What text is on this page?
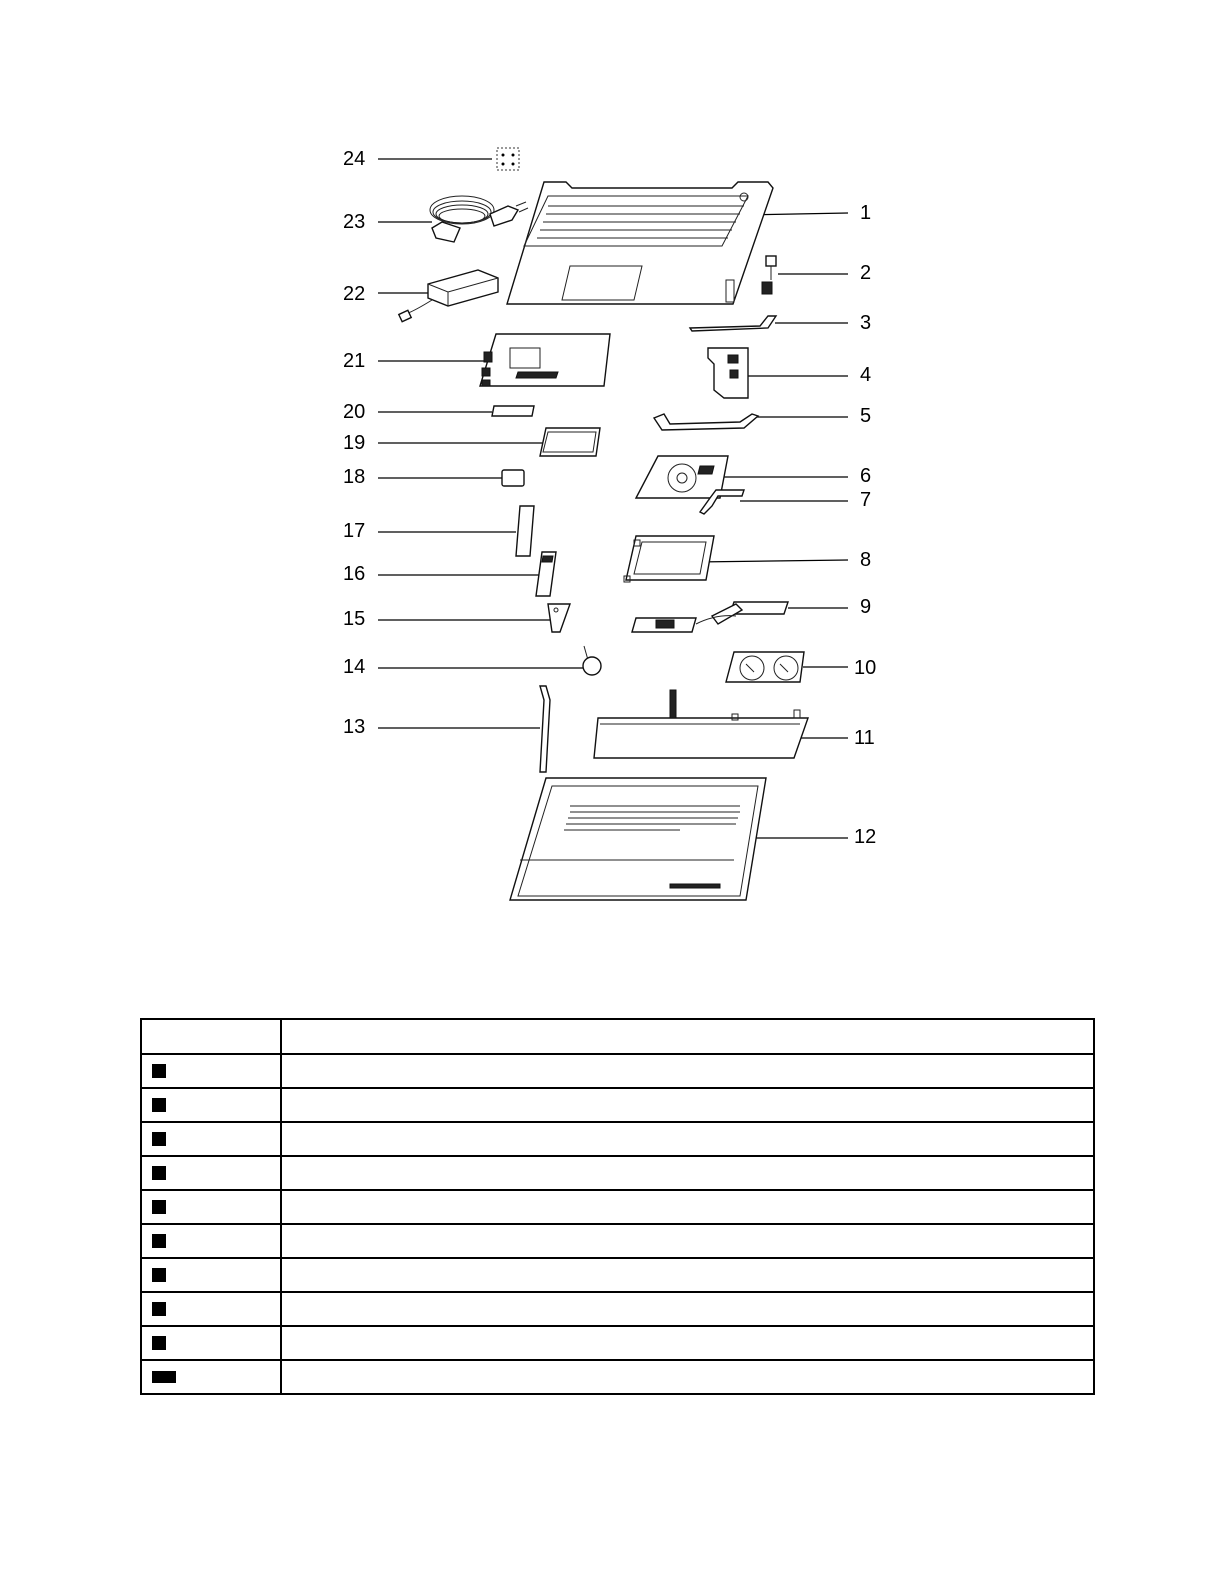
24
23
22
21
20
19
18
17
16
15
14
13
1
2
3
4
5
6
7
8
9
10
11
12
